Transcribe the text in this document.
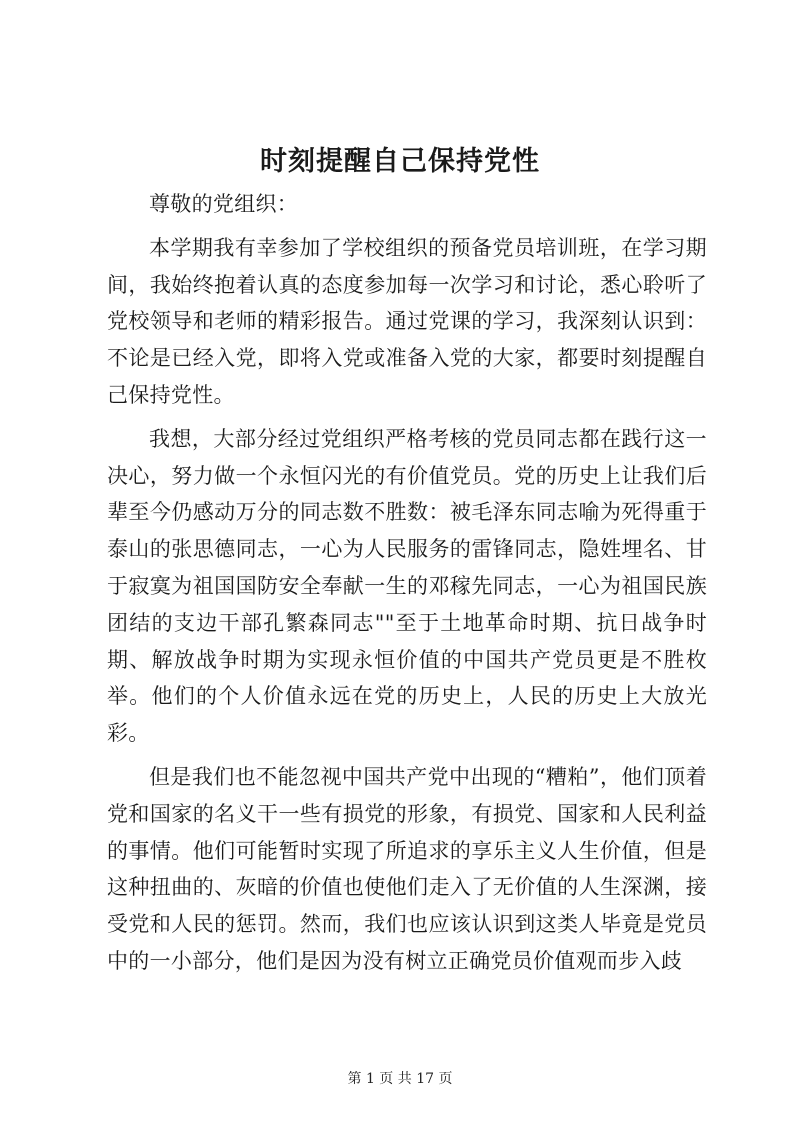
时刻提醒自己保持党性

尊敬的党组织：

本学期我有幸参加了学校组织的预备党员培训班，在学习期间，我始终抱着认真的态度参加每一次学习和讨论，悉心聆听了党校领导和老师的精彩报告。通过党课的学习，我深刻认识到：不论是已经入党，即将入党或准备入党的大家，都要时刻提醒自己保持党性。

我想，大部分经过党组织严格考核的党员同志都在践行这一决心，努力做一个永恒闪光的有价值党员。党的历史上让我们后辈至今仍感动万分的同志数不胜数：被毛泽东同志喻为死得重于泰山的张思德同志，一心为人民服务的雷锋同志，隐姓埋名、甘于寂寞为祖国国防安全奉献一生的邓稼先同志，一心为祖国民族团结的支边干部孔繁森同志""至于土地革命时期、抗日战争时期、解放战争时期为实现永恒价值的中国共产党员更是不胜枚举。他们的个人价值永远在党的历史上，人民的历史上大放光彩。

但是我们也不能忽视中国共产党中出现的“糟粕”，他们顶着党和国家的名义干一些有损党的形象，有损党、国家和人民利益的事情。他们可能暂时实现了所追求的享乐主义人生价值，但是这种扭曲的、灰暗的价值也使他们走入了无价值的人生深渊，接受党和人民的惩罚。然而，我们也应该认识到这类人毕竟是党员中的一小部分，他们是因为没有树立正确党员价值观而步入歧

第 1 页 共 17 页
